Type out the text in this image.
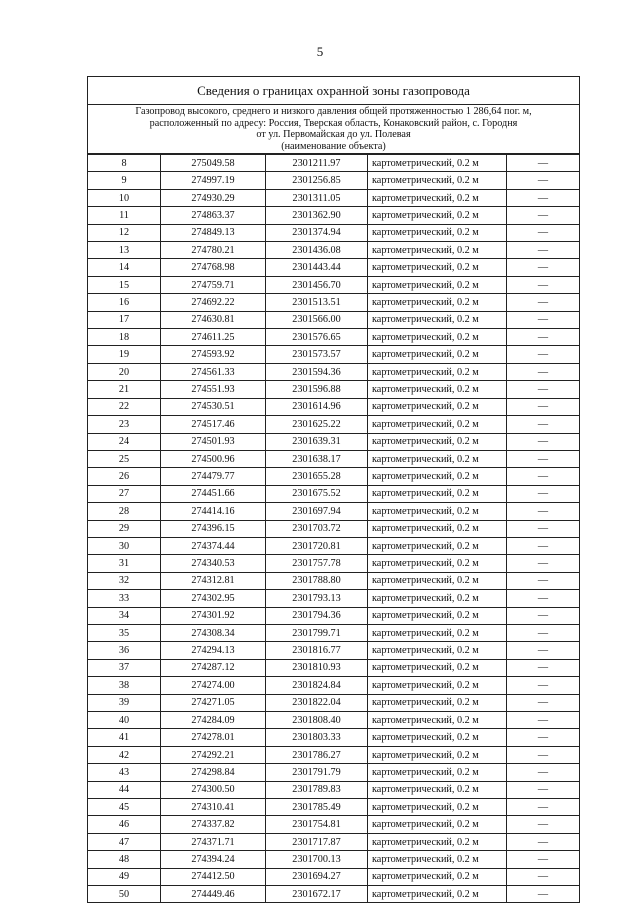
5
Сведения о границах охранной зоны газопровода
Газопровод высокого, среднего и низкого давления общей протяженностью 1 286,64 пог. м,
расположенный по адресу: Россия, Тверская область, Конаковский район, с. Городня
от ул. Первомайская до ул. Полевая
(наименование объекта)
8	275049.58	2301211.97	картометрический, 0.2 м	—
9	274997.19	2301256.85	картометрический, 0.2 м	—
10	274930.29	2301311.05	картометрический, 0.2 м	—
11	274863.37	2301362.90	картометрический, 0.2 м	—
12	274849.13	2301374.94	картометрический, 0.2 м	—
13	274780.21	2301436.08	картометрический, 0.2 м	—
14	274768.98	2301443.44	картометрический, 0.2 м	—
15	274759.71	2301456.70	картометрический, 0.2 м	—
16	274692.22	2301513.51	картометрический, 0.2 м	—
17	274630.81	2301566.00	картометрический, 0.2 м	—
18	274611.25	2301576.65	картометрический, 0.2 м	—
19	274593.92	2301573.57	картометрический, 0.2 м	—
20	274561.33	2301594.36	картометрический, 0.2 м	—
21	274551.93	2301596.88	картометрический, 0.2 м	—
22	274530.51	2301614.96	картометрический, 0.2 м	—
23	274517.46	2301625.22	картометрический, 0.2 м	—
24	274501.93	2301639.31	картометрический, 0.2 м	—
25	274500.96	2301638.17	картометрический, 0.2 м	—
26	274479.77	2301655.28	картометрический, 0.2 м	—
27	274451.66	2301675.52	картометрический, 0.2 м	—
28	274414.16	2301697.94	картометрический, 0.2 м	—
29	274396.15	2301703.72	картометрический, 0.2 м	—
30	274374.44	2301720.81	картометрический, 0.2 м	—
31	274340.53	2301757.78	картометрический, 0.2 м	—
32	274312.81	2301788.80	картометрический, 0.2 м	—
33	274302.95	2301793.13	картометрический, 0.2 м	—
34	274301.92	2301794.36	картометрический, 0.2 м	—
35	274308.34	2301799.71	картометрический, 0.2 м	—
36	274294.13	2301816.77	картометрический, 0.2 м	—
37	274287.12	2301810.93	картометрический, 0.2 м	—
38	274274.00	2301824.84	картометрический, 0.2 м	—
39	274271.05	2301822.04	картометрический, 0.2 м	—
40	274284.09	2301808.40	картометрический, 0.2 м	—
41	274278.01	2301803.33	картометрический, 0.2 м	—
42	274292.21	2301786.27	картометрический, 0.2 м	—
43	274298.84	2301791.79	картометрический, 0.2 м	—
44	274300.50	2301789.83	картометрический, 0.2 м	—
45	274310.41	2301785.49	картометрический, 0.2 м	—
46	274337.82	2301754.81	картометрический, 0.2 м	—
47	274371.71	2301717.87	картометрический, 0.2 м	—
48	274394.24	2301700.13	картометрический, 0.2 м	—
49	274412.50	2301694.27	картометрический, 0.2 м	—
50	274449.46	2301672.17	картометрический, 0.2 м	—
